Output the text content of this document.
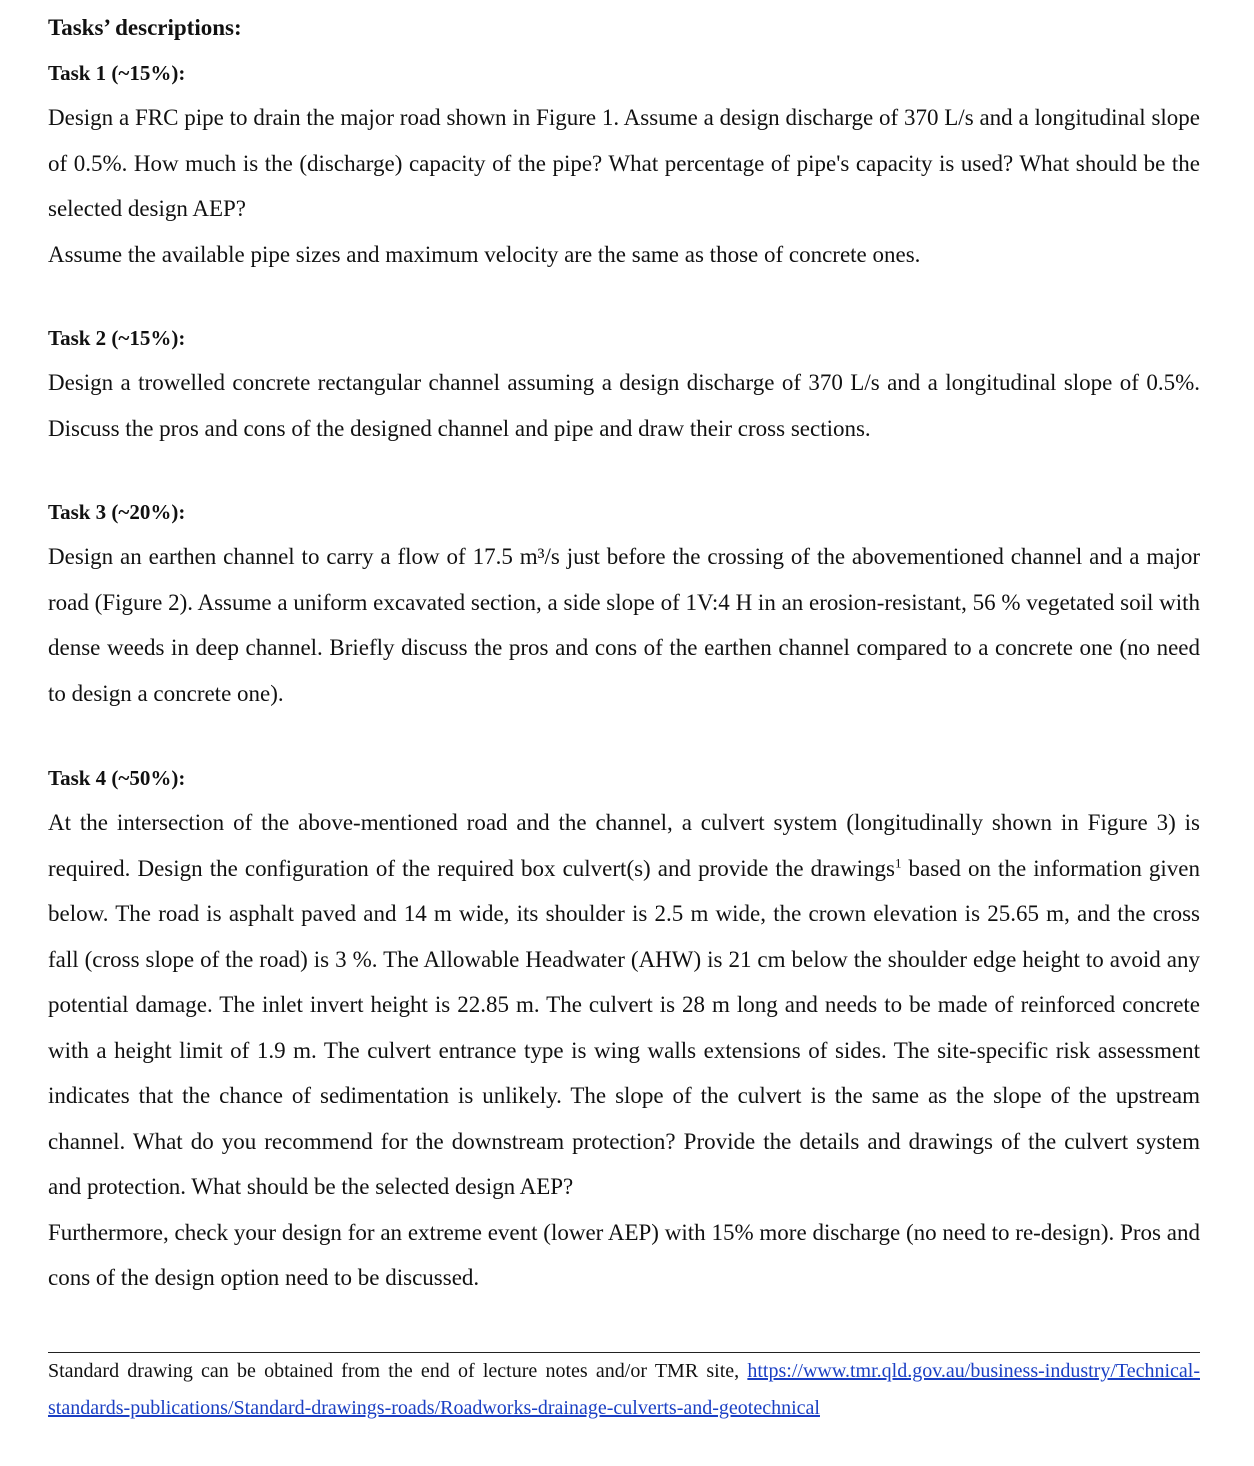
Tasks’ descriptions:

Task 1 (~15%):

Design a FRC pipe to drain the major road shown in Figure 1. Assume a design discharge of 370 L/s and a longitudinal slope of 0.5%. How much is the (discharge) capacity of the pipe? What percentage of pipe's capacity is used? What should be the selected design AEP?

Assume the available pipe sizes and maximum velocity are the same as those of concrete ones.

Task 2 (~15%):

Design a trowelled concrete rectangular channel assuming a design discharge of 370 L/s and a longitudinal slope of 0.5%. Discuss the pros and cons of the designed channel and pipe and draw their cross sections.

Task 3 (~20%):

Design an earthen channel to carry a flow of 17.5 m³/s just before the crossing of the abovementioned channel and a major road (Figure 2). Assume a uniform excavated section, a side slope of 1V:4 H in an erosion-resistant, 56 % vegetated soil with dense weeds in deep channel. Briefly discuss the pros and cons of the earthen channel compared to a concrete one (no need to design a concrete one).

Task 4 (~50%):

At the intersection of the above-mentioned road and the channel, a culvert system (longitudinally shown in Figure 3) is required. Design the configuration of the required box culvert(s) and provide the drawings$^1$ based on the information given below. The road is asphalt paved and 14 m wide, its shoulder is 2.5 m wide, the crown elevation is 25.65 m, and the cross fall (cross slope of the road) is 3 %. The Allowable Headwater (AHW) is 21 cm below the shoulder edge height to avoid any potential damage. The inlet invert height is 22.85 m. The culvert is 28 m long and needs to be made of reinforced concrete with a height limit of 1.9 m. The culvert entrance type is wing walls extensions of sides. The site-specific risk assessment indicates that the chance of sedimentation is unlikely. The slope of the culvert is the same as the slope of the upstream channel. What do you recommend for the downstream protection? Provide the details and drawings of the culvert system and protection. What should be the selected design AEP?

Furthermore, check your design for an extreme event (lower AEP) with 15% more discharge (no need to re-design). Pros and cons of the design option need to be discussed.

Standard drawing can be obtained from the end of lecture notes and/or TMR site, https://www.tmr.qld.gov.au/business-industry/Technical-standards-publications/Standard-drawings-roads/Roadworks-drainage-culverts-and-geotechnical
